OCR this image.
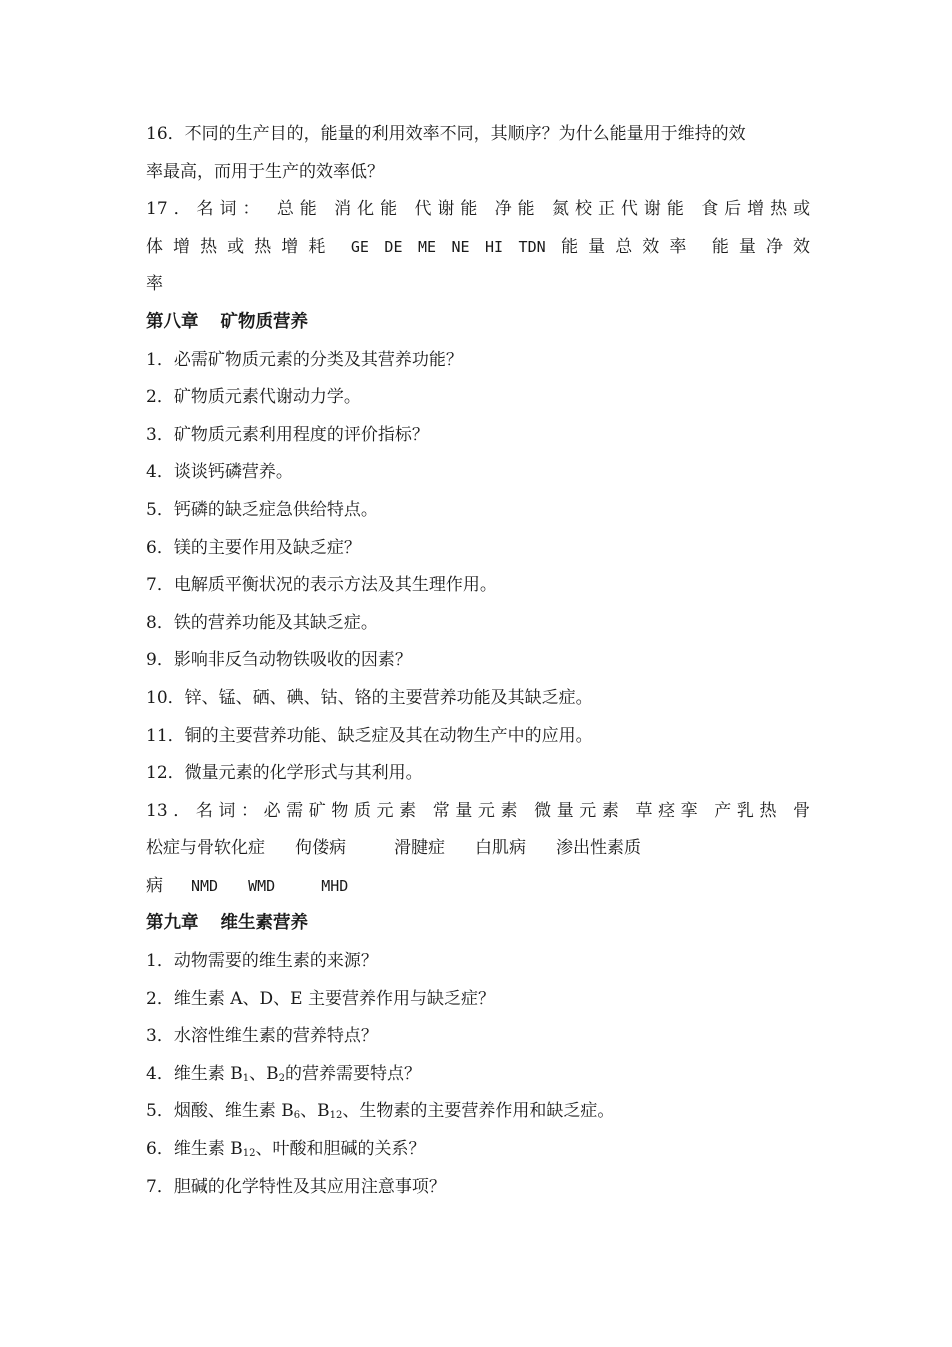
16．不同的生产目的，能量的利用效率不同，其顺序？为什么能量用于维持的效
率最高，而用于生产的效率低？
17．名词： 总能 消化能 代谢能 净能 氮校正代谢能 食后增热或
体增热或热增耗 GE DE ME NE HI TDN 能量总效率 能量净效
率
第八章 矿物质营养
1．必需矿物质元素的分类及其营养功能？
2．矿物质元素代谢动力学。
3．矿物质元素利用程度的评价指标？
4．谈谈钙磷营养。
5．钙磷的缺乏症急供给特点。
6．镁的主要作用及缺乏症？
7．电解质平衡状况的表示方法及其生理作用。
8．铁的营养功能及其缺乏症。
9．影响非反刍动物铁吸收的因素？
10．锌、锰、硒、碘、钴、铬的主要营养功能及其缺乏症。
11．铜的主要营养功能、缺乏症及其在动物生产中的应用。
12．微量元素的化学形式与其利用。
13．名词：必需矿物质元素 常量元素 微量元素 草痉挛 产乳热 骨
松症与骨软化症 佝偻病	滑腱症 白肌病 渗出性素质
病 NMD WMD	MHD
第九章 维生素营养
1．动物需要的维生素的来源？
2．维生素 A、D、E 主要营养作用与缺乏症？
3．水溶性维生素的营养特点？
4．维生素 $B_1$、$B_2$的营养需要特点？
5．烟酸、维生素 $B_6$、$B_{12}$、生物素的主要营养作用和缺乏症。
6．维生素 $B_{12}$、叶酸和胆碱的关系？
7．胆碱的化学特性及其应用注意事项？
